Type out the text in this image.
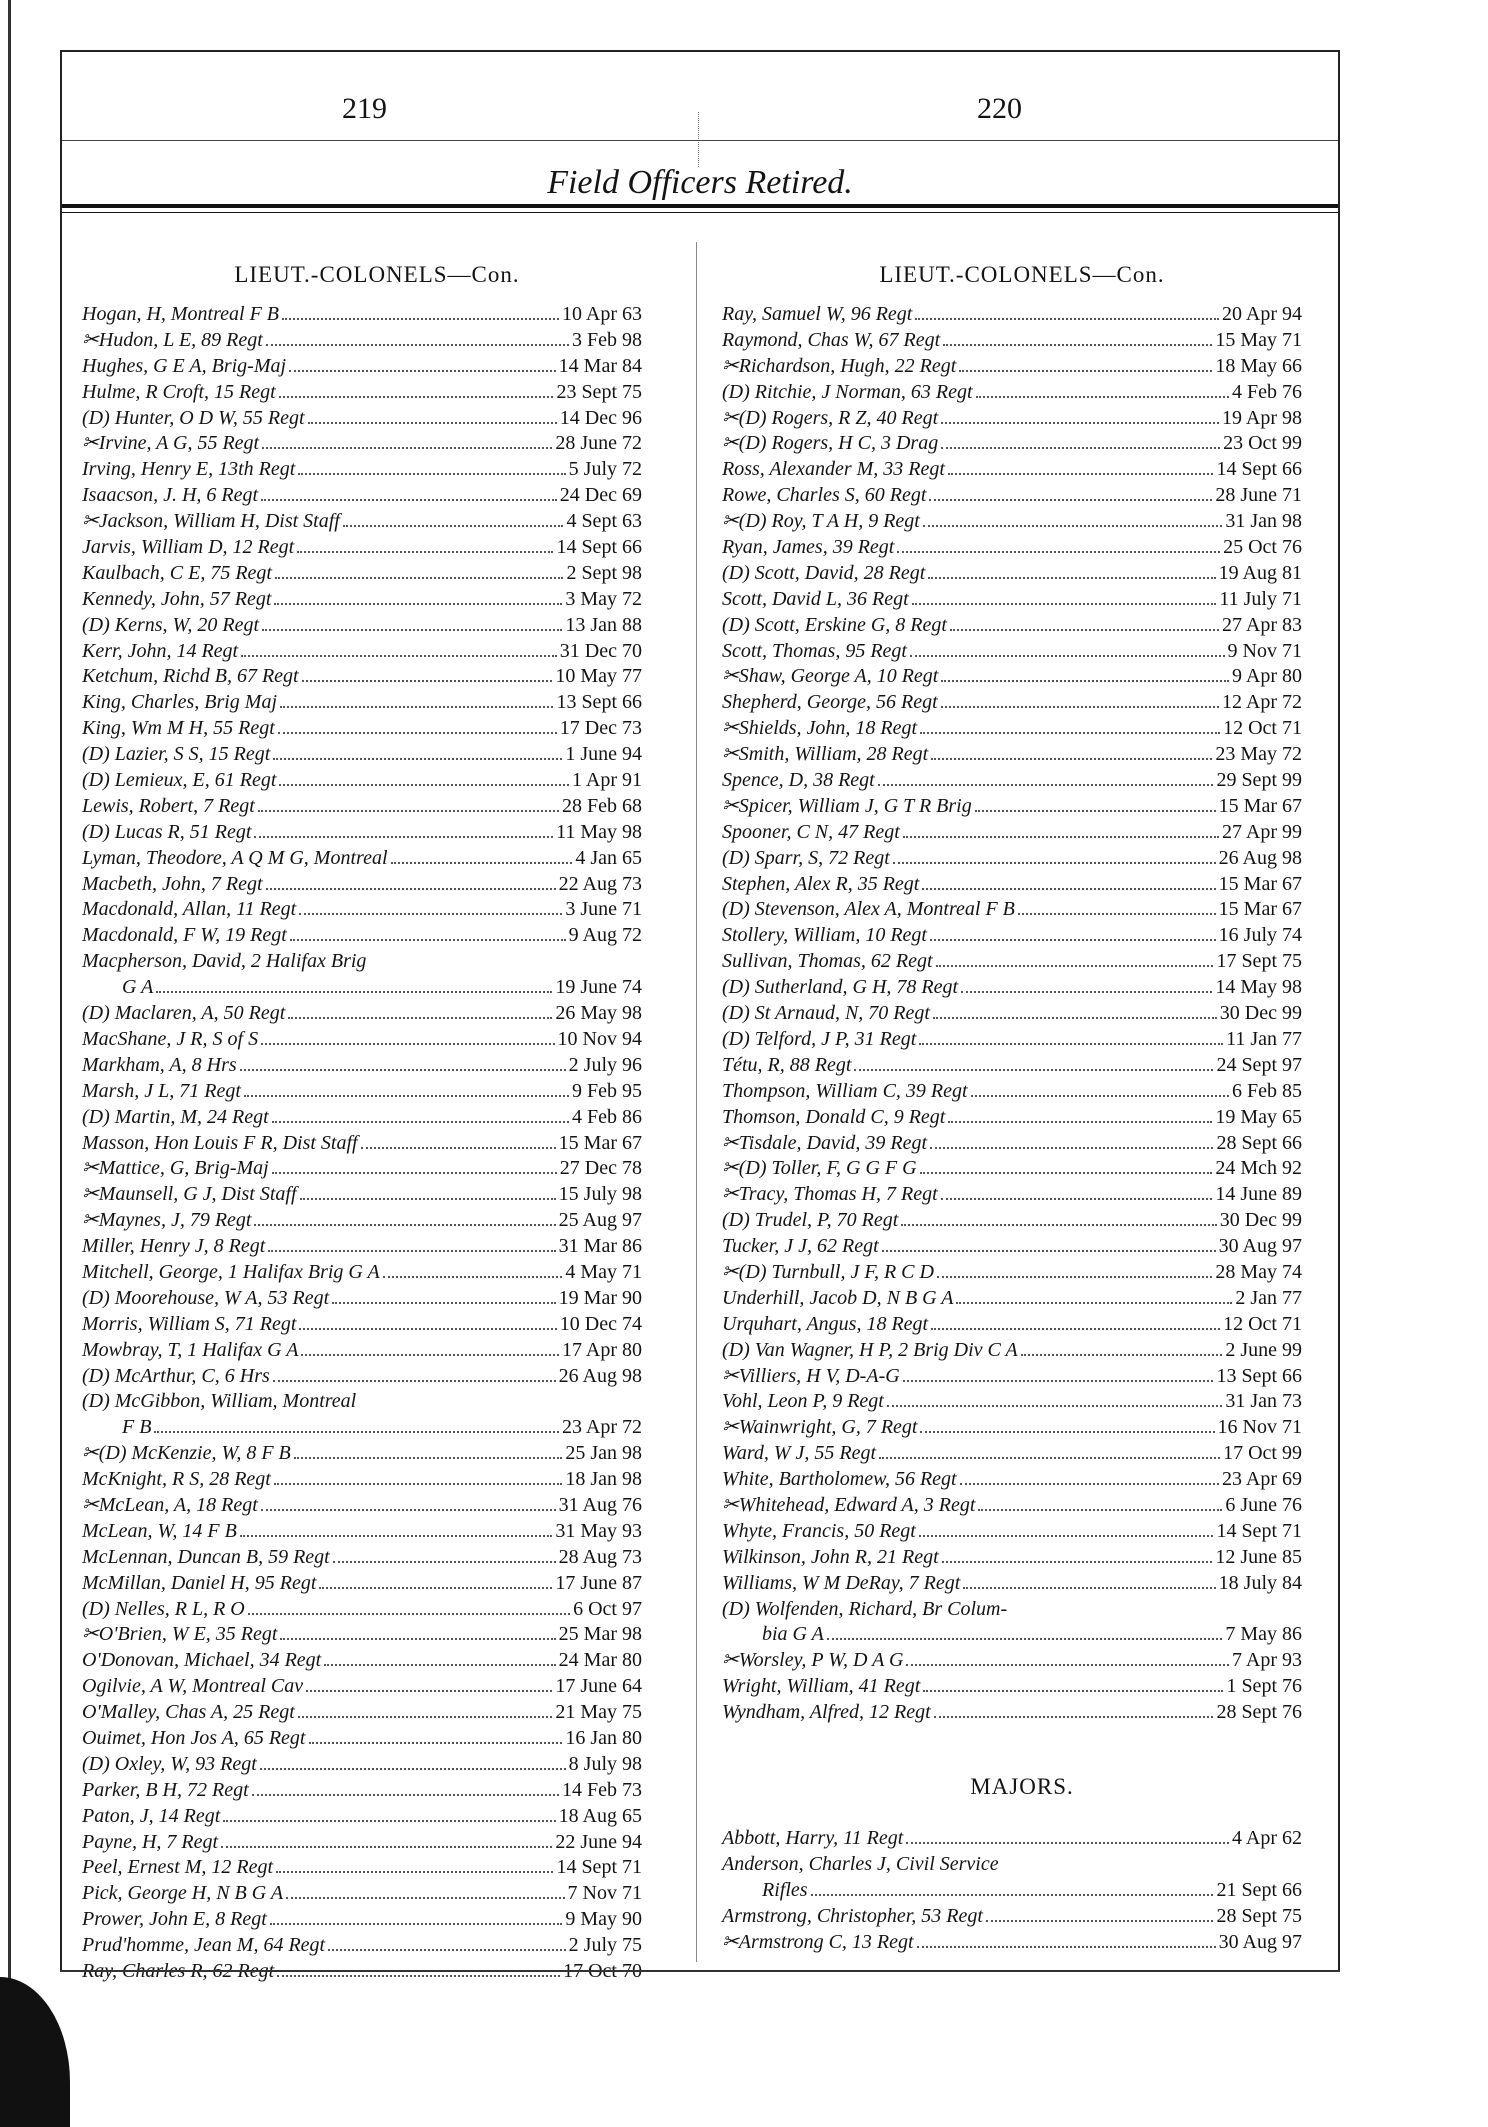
219	220
Field Officers Retired.
LIEUT.-COLONELS—Con.
Hogan, H, Montreal F B	10 Apr 63
✂Hudon, L E, 89 Regt	3 Feb 98
Hughes, G E A, Brig-Maj	14 Mar 84
Hulme, R Croft, 15 Regt	23 Sept 75
(D) Hunter, O D W, 55 Regt	14 Dec 96
✂Irvine, A G, 55 Regt	28 June 72
Irving, Henry E, 13th Regt	5 July 72
Isaacson, J. H, 6 Regt	24 Dec 69
✂Jackson, William H, Dist Staff	4 Sept 63
Jarvis, William D, 12 Regt	14 Sept 66
Kaulbach, C E, 75 Regt	2 Sept 98
Kennedy, John, 57 Regt	3 May 72
(D) Kerns, W, 20 Regt	13 Jan 88
Kerr, John, 14 Regt	31 Dec 70
Ketchum, Richd B, 67 Regt	10 May 77
King, Charles, Brig Maj	13 Sept 66
King, Wm M H, 55 Regt	17 Dec 73
(D) Lazier, S S, 15 Regt	1 June 94
(D) Lemieux, E, 61 Regt	1 Apr 91
Lewis, Robert, 7 Regt	28 Feb 68
(D) Lucas R, 51 Regt	11 May 98
Lyman, Theodore, A Q M G, Montreal	4 Jan 65
Macbeth, John, 7 Regt	22 Aug 73
Macdonald, Allan, 11 Regt	3 June 71
Macdonald, F W, 19 Regt	9 Aug 72
Macpherson, David, 2 Halifax Brig
G A	19 June 74
(D) Maclaren, A, 50 Regt	26 May 98
MacShane, J R, S of S	10 Nov 94
Markham, A, 8 Hrs	2 July 96
Marsh, J L, 71 Regt	9 Feb 95
(D) Martin, M, 24 Regt	4 Feb 86
Masson, Hon Louis F R, Dist Staff	15 Mar 67
✂Mattice, G, Brig-Maj	27 Dec 78
✂Maunsell, G J, Dist Staff	15 July 98
✂Maynes, J, 79 Regt	25 Aug 97
Miller, Henry J, 8 Regt	31 Mar 86
Mitchell, George, 1 Halifax Brig G A	4 May 71
(D) Moorehouse, W A, 53 Regt	19 Mar 90
Morris, William S, 71 Regt	10 Dec 74
Mowbray, T, 1 Halifax G A	17 Apr 80
(D) McArthur, C, 6 Hrs	26 Aug 98
(D) McGibbon, William, Montreal
F B	23 Apr 72
✂(D) McKenzie, W, 8 F B	25 Jan 98
McKnight, R S, 28 Regt	18 Jan 98
✂McLean, A, 18 Regt	31 Aug 76
McLean, W, 14 F B	31 May 93
McLennan, Duncan B, 59 Regt	28 Aug 73
McMillan, Daniel H, 95 Regt	17 June 87
(D) Nelles, R L, R O	6 Oct 97
✂O'Brien, W E, 35 Regt	25 Mar 98
O'Donovan, Michael, 34 Regt	24 Mar 80
Ogilvie, A W, Montreal Cav	17 June 64
O'Malley, Chas A, 25 Regt	21 May 75
Ouimet, Hon Jos A, 65 Regt	16 Jan 80
(D) Oxley, W, 93 Regt	8 July 98
Parker, B H, 72 Regt	14 Feb 73
Paton, J, 14 Regt	18 Aug 65
Payne, H, 7 Regt	22 June 94
Peel, Ernest M, 12 Regt	14 Sept 71
Pick, George H, N B G A	7 Nov 71
Prower, John E, 8 Regt	9 May 90
Prud'homme, Jean M, 64 Regt	2 July 75
Ray, Charles R, 62 Regt	17 Oct 70
LIEUT.-COLONELS—Con.
Ray, Samuel W, 96 Regt	20 Apr 94
Raymond, Chas W, 67 Regt	15 May 71
✂Richardson, Hugh, 22 Regt	18 May 66
(D) Ritchie, J Norman, 63 Regt	4 Feb 76
✂(D) Rogers, R Z, 40 Regt	19 Apr 98
✂(D) Rogers, H C, 3 Drag	23 Oct 99
Ross, Alexander M, 33 Regt	14 Sept 66
Rowe, Charles S, 60 Regt	28 June 71
✂(D) Roy, T A H, 9 Regt	31 Jan 98
Ryan, James, 39 Regt	25 Oct 76
(D) Scott, David, 28 Regt	19 Aug 81
Scott, David L, 36 Regt	11 July 71
(D) Scott, Erskine G, 8 Regt	27 Apr 83
Scott, Thomas, 95 Regt	9 Nov 71
✂Shaw, George A, 10 Regt	9 Apr 80
Shepherd, George, 56 Regt	12 Apr 72
✂Shields, John, 18 Regt	12 Oct 71
✂Smith, William, 28 Regt	23 May 72
Spence, D, 38 Regt	29 Sept 99
✂Spicer, William J, G T R Brig	15 Mar 67
Spooner, C N, 47 Regt	27 Apr 99
(D) Sparr, S, 72 Regt	26 Aug 98
Stephen, Alex R, 35 Regt	15 Mar 67
(D) Stevenson, Alex A, Montreal F B	15 Mar 67
Stollery, William, 10 Regt	16 July 74
Sullivan, Thomas, 62 Regt	17 Sept 75
(D) Sutherland, G H, 78 Regt	14 May 98
(D) St Arnaud, N, 70 Regt	30 Dec 99
(D) Telford, J P, 31 Regt	11 Jan 77
Tétu, R, 88 Regt	24 Sept 97
Thompson, William C, 39 Regt	6 Feb 85
Thomson, Donald C, 9 Regt	19 May 65
✂Tisdale, David, 39 Regt	28 Sept 66
✂(D) Toller, F, G G F G	24 Mch 92
✂Tracy, Thomas H, 7 Regt	14 June 89
(D) Trudel, P, 70 Regt	30 Dec 99
Tucker, J J, 62 Regt	30 Aug 97
✂(D) Turnbull, J F, R C D	28 May 74
Underhill, Jacob D, N B G A	2 Jan 77
Urquhart, Angus, 18 Regt	12 Oct 71
(D) Van Wagner, H P, 2 Brig Div C A	2 June 99
✂Villiers, H V, D-A-G	13 Sept 66
Vohl, Leon P, 9 Regt	31 Jan 73
✂Wainwright, G, 7 Regt	16 Nov 71
Ward, W J, 55 Regt	17 Oct 99
White, Bartholomew, 56 Regt	23 Apr 69
✂Whitehead, Edward A, 3 Regt	6 June 76
Whyte, Francis, 50 Regt	14 Sept 71
Wilkinson, John R, 21 Regt	12 June 85
Williams, W M DeRay, 7 Regt	18 July 84
(D) Wolfenden, Richard, Br Colum-
bia G A	7 May 86
✂Worsley, P W, D A G	7 Apr 93
Wright, William, 41 Regt	1 Sept 76
Wyndham, Alfred, 12 Regt	28 Sept 76
MAJORS.
Abbott, Harry, 11 Regt	4 Apr 62
Anderson, Charles J, Civil Service
Rifles	21 Sept 66
Armstrong, Christopher, 53 Regt	28 Sept 75
✂Armstrong C, 13 Regt	30 Aug 97
